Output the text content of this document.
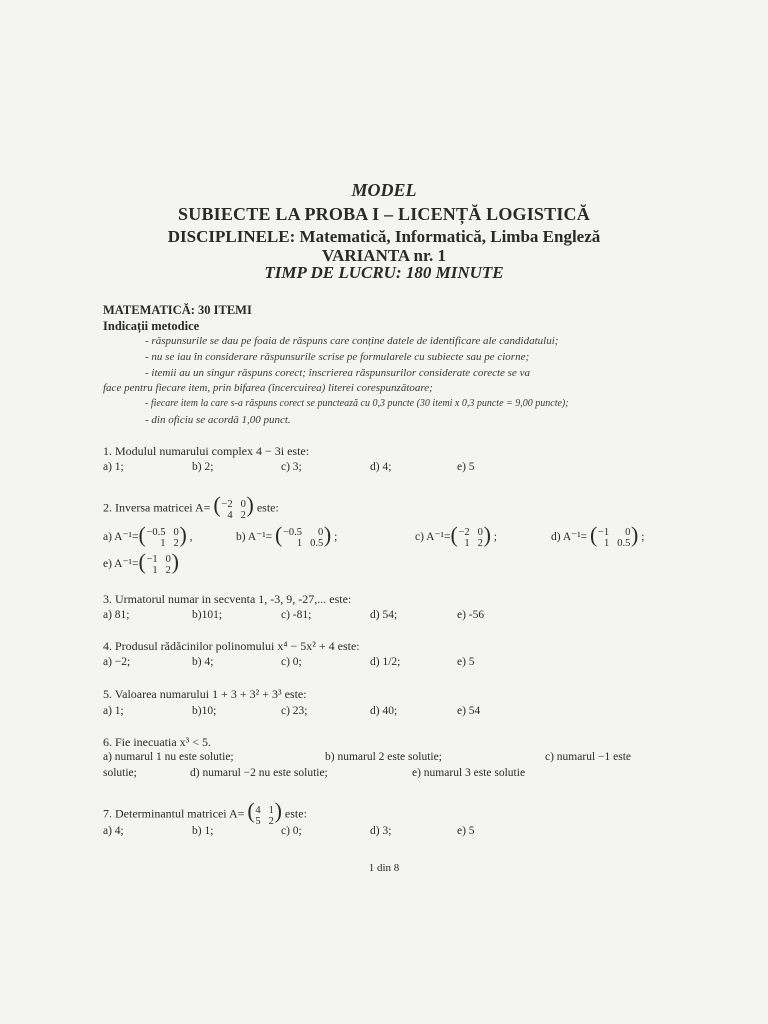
MODEL
SUBIECTE LA PROBA I – LICENȚĂ LOGISTICĂ
DISCIPLINELE: Matematică, Informatică, Limba Engleză
VARIANTA nr. 1
TIMP DE LUCRU: 180 MINUTE
MATEMATICĂ: 30 ITEMI
Indicații metodice
- răspunsurile se dau pe foaia de răspuns care conține datele de identificare ale candidatului;
- nu se iau în considerare răspunsurile scrise pe formularele cu subiecte sau pe ciorne;
- itemii au un singur răspuns corect; înscrierea răspunsurilor considerate corecte se va
face pentru fiecare item, prin bifarea (încercuirea) literei corespunzătoare;
- fiecare item la care s-a răspuns corect se punctează cu 0,3 puncte (30 itemi x 0,3 puncte = 9,00 puncte);
- din oficiu se acordă 1,00 punct.
1. Modulul numarului complex 4 − 3i este:
a) 1;	b) 2;	c) 3;	d) 4;	e) 5
2. Inversa matricei A= ( −2 0
4 2 ) este:
a) A⁻¹= ( −0.5 0
1 2 ) ,	b) A⁻¹= ( −0.5	0
1 0.5 ) ;	c) A⁻¹= ( −2 0
1 2 ) ;	d) A⁻¹= ( −1	0
1 0.5 ) ;
e) A⁻¹= ( −1 0
1 2 )
3. Urmatorul numar in secventa 1, -3, 9, -27,... este:
a) 81;	b)101;	c) -81;	d) 54;	e) -56
4. Produsul rădăcinilor polinomului x⁴ − 5x² + 4 este:
a) −2;	b) 4;	c) 0;	d) 1/2;	e) 5
5. Valoarea numarului 1 + 3 + 3² + 3³ este:
a) 1;	b)10;	c) 23;	d) 40;	e) 54
6. Fie inecuatia x³ < 5.
a) numarul 1 nu este solutie;	b) numarul 2 este solutie;	c) numarul −1 este
solutie;	d) numarul −2 nu este solutie;	e) numarul 3 este solutie
7. Determinantul matricei A= ( 4 1
5 2 ) este:
a) 4;	b) 1;	c) 0;	d) 3;	e) 5
1 din 8
